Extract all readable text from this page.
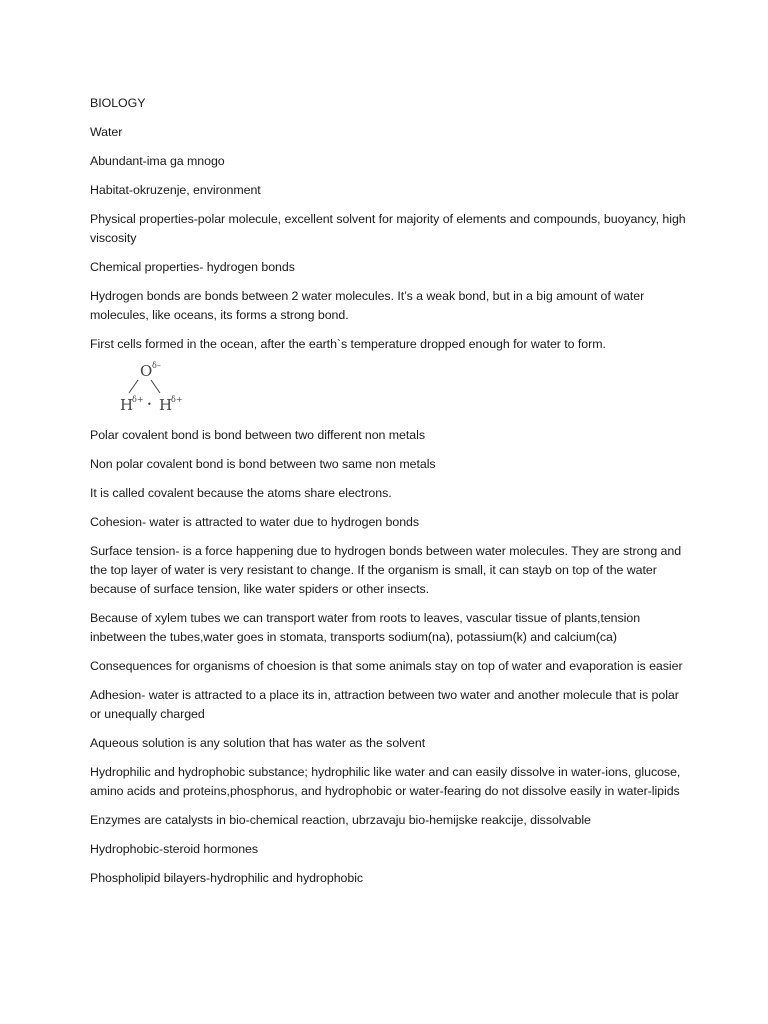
BIOLOGY

Water

Abundant-ima ga mnogo

Habitat-okruzenje, environment

Physical properties-polar molecule, excellent solvent for majority of elements and compounds, buoyancy, high viscosity

Chemical properties- hydrogen bonds

Hydrogen bonds are bonds between 2 water molecules. It’s a weak bond, but in a big amount of water molecules, like oceans, its forms a strong bond.

First cells formed in the ocean, after the earth`s temperature dropped enough for water to form.

O δ–
H
δ+
• H
δ+

Polar covalent bond is bond between two different non metals

Non polar covalent bond is bond between two same non metals

It is called covalent because the atoms share electrons.

Cohesion- water is attracted to water due to hydrogen bonds

Surface tension- is a force happening due to hydrogen bonds between water molecules. They are strong and the top layer of water is very resistant to change. If the organism is small, it can stayb on top of the water because of surface tension, like water spiders or other insects.

Because of xylem tubes we can transport water from roots to leaves, vascular tissue of plants,tension inbetween the tubes,water goes in stomata, transports sodium(na), potassium(k) and calcium(ca)

Consequences for organisms of choesion is that some animals stay on top of water and evaporation is easier

Adhesion- water is attracted to a place its in, attraction between two water and another molecule that is polar or unequally charged

Aqueous solution is any solution that has water as the solvent

Hydrophilic and hydrophobic substance; hydrophilic like water and can easily dissolve in water-ions, glucose, amino acids and proteins,phosphorus, and hydrophobic or water-fearing do not dissolve easily in water-lipids

Enzymes are catalysts in bio-chemical reaction, ubrzavaju bio-hemijske reakcije, dissolvable

Hydrophobic-steroid hormones

Phospholipid bilayers-hydrophilic and hydrophobic
